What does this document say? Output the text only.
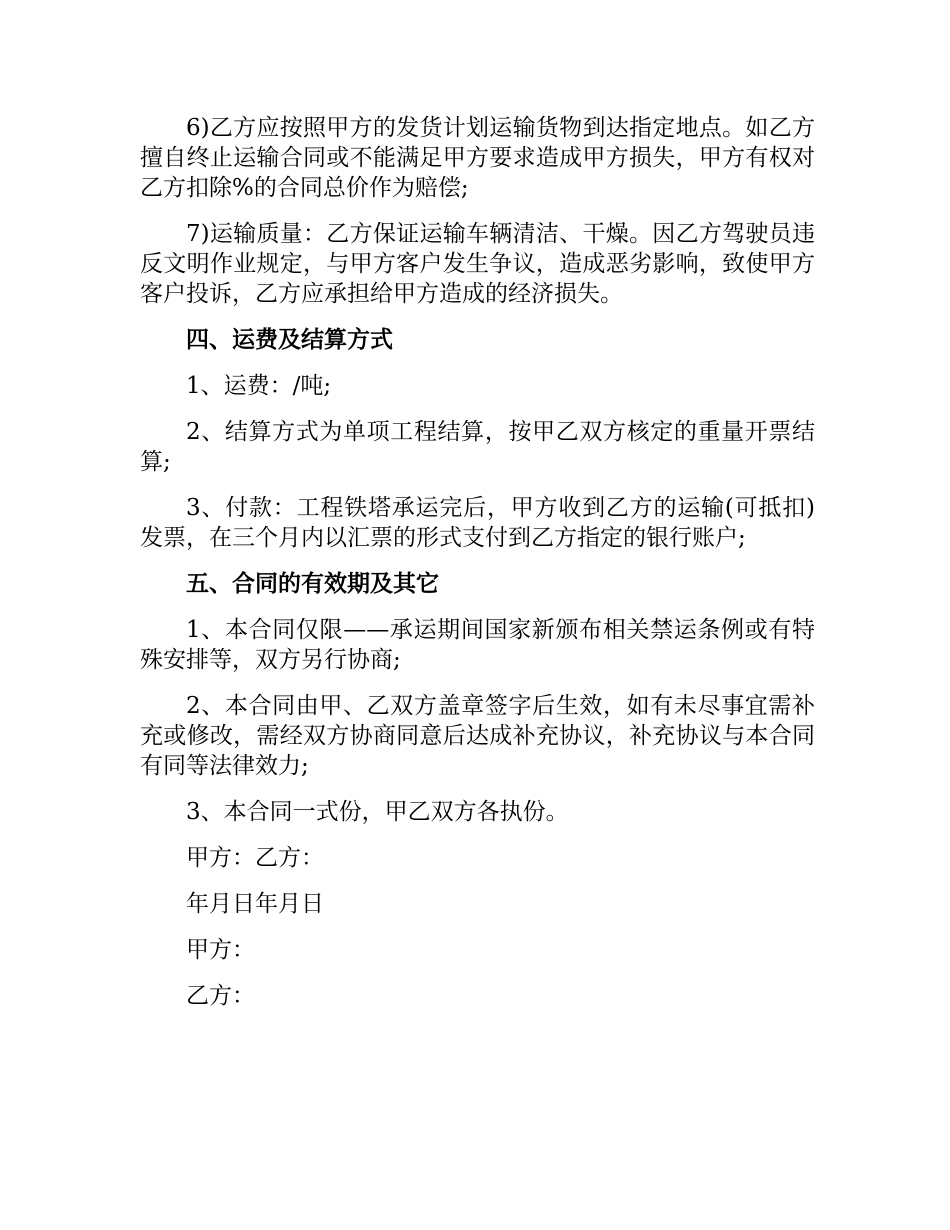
6)乙方应按照甲方的发货计划运输货物到达指定地点。如乙方擅自终止运输合同或不能满足甲方要求造成甲方损失，甲方有权对乙方扣除%的合同总价作为赔偿;

7)运输质量：乙方保证运输车辆清洁、干燥。因乙方驾驶员违反文明作业规定，与甲方客户发生争议，造成恶劣影响，致使甲方客户投诉，乙方应承担给甲方造成的经济损失。

四、运费及结算方式

1、运费：/吨;

2、结算方式为单项工程结算，按甲乙双方核定的重量开票结算;

3、付款：工程铁塔承运完后，甲方收到乙方的运输(可抵扣)发票，在三个月内以汇票的形式支付到乙方指定的银行账户;

五、合同的有效期及其它

1、本合同仅限——承运期间国家新颁布相关禁运条例或有特殊安排等，双方另行协商;

2、本合同由甲、乙双方盖章签字后生效，如有未尽事宜需补充或修改，需经双方协商同意后达成补充协议，补充协议与本合同有同等法律效力;

3、本合同一式份，甲乙双方各执份。

甲方：乙方：

年月日年月日

甲方：

乙方：
